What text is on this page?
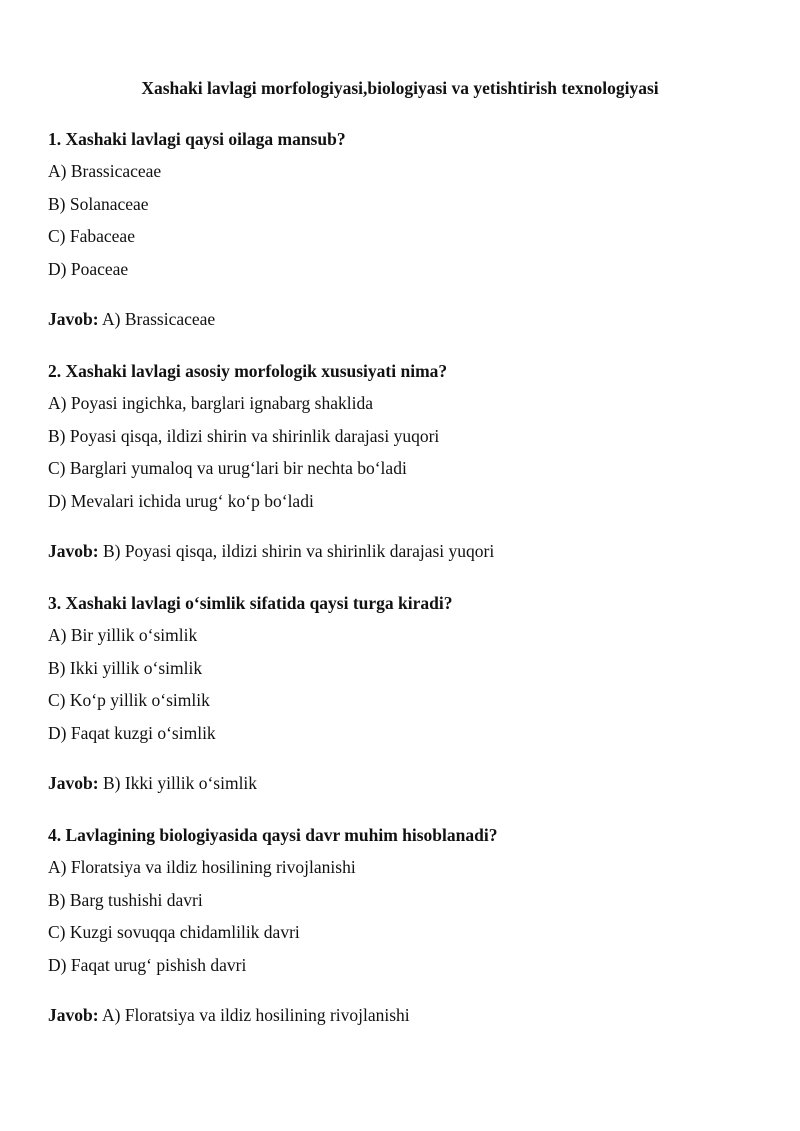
Xashaki lavlagi morfologiyasi,biologiyasi va yetishtirish texnologiyasi

1. Xashaki lavlagi qaysi oilaga mansub?

A) Brassicaceae
B) Solanaceae
C) Fabaceae
D) Poaceae

Javob: A) Brassicaceae

2. Xashaki lavlagi asosiy morfologik xususiyati nima?

A) Poyasi ingichka, barglari ignabarg shaklida
B) Poyasi qisqa, ildizi shirin va shirinlik darajasi yuqori
C) Barglari yumaloq va urug‘lari bir nechta bo‘ladi
D) Mevalari ichida urug‘ ko‘p bo‘ladi

Javob: B) Poyasi qisqa, ildizi shirin va shirinlik darajasi yuqori

3. Xashaki lavlagi o‘simlik sifatida qaysi turga kiradi?

A) Bir yillik o‘simlik
B) Ikki yillik o‘simlik
C) Ko‘p yillik o‘simlik
D) Faqat kuzgi o‘simlik

Javob: B) Ikki yillik o‘simlik

4. Lavlagining biologiyasida qaysi davr muhim hisoblanadi?

A) Floratsiya va ildiz hosilining rivojlanishi
B) Barg tushishi davri
C) Kuzgi sovuqqa chidamlilik davri
D) Faqat urug‘ pishish davri

Javob: A) Floratsiya va ildiz hosilining rivojlanishi
